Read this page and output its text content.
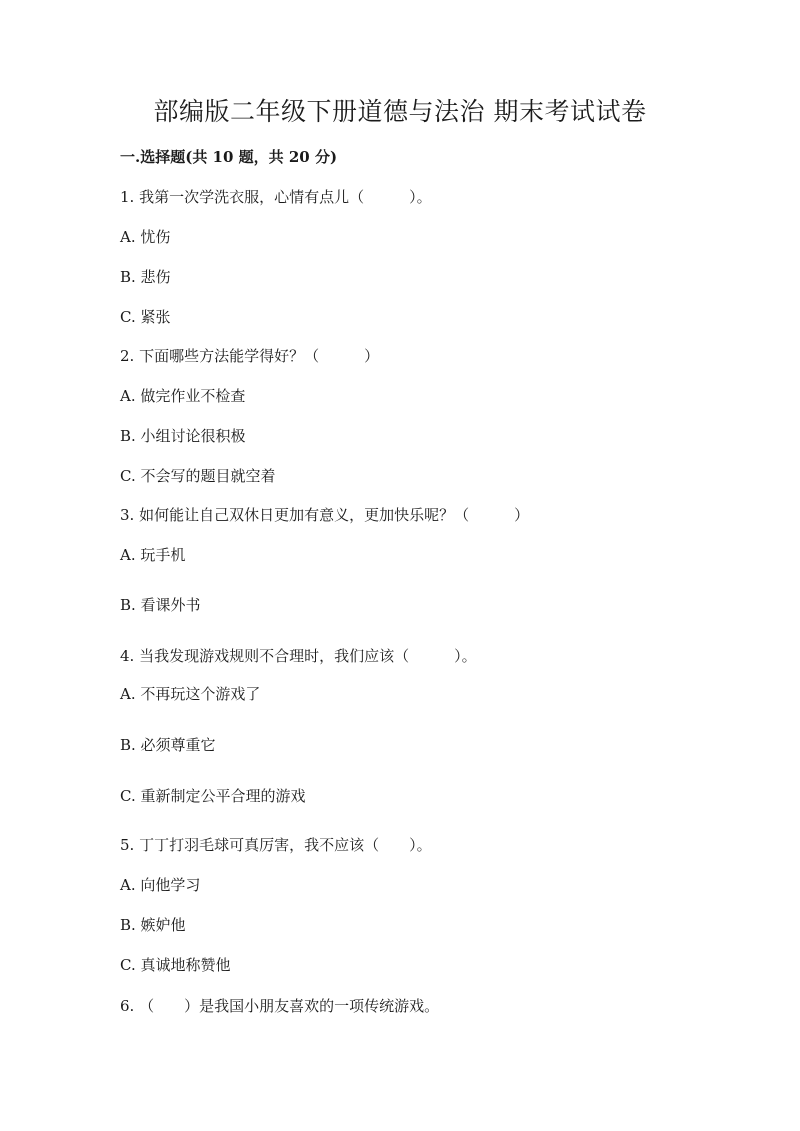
部编版二年级下册道德与法治 期末考试试卷

一.选择题(共 10 题，共 20 分)

1. 我第一次学洗衣服，心情有点儿（　　　）。

A. 忧伤

B. 悲伤

C. 紧张

2. 下面哪些方法能学得好？（　　　）

A. 做完作业不检查

B. 小组讨论很积极

C. 不会写的题目就空着

3. 如何能让自己双休日更加有意义，更加快乐呢？（　　　）

A. 玩手机

B. 看课外书

4. 当我发现游戏规则不合理时，我们应该（　　　）。

A. 不再玩这个游戏了

B. 必须尊重它

C. 重新制定公平合理的游戏

5. 丁丁打羽毛球可真厉害，我不应该（　　）。

A. 向他学习

B. 嫉妒他

C. 真诚地称赞他

6. （　　）是我国小朋友喜欢的一项传统游戏。
